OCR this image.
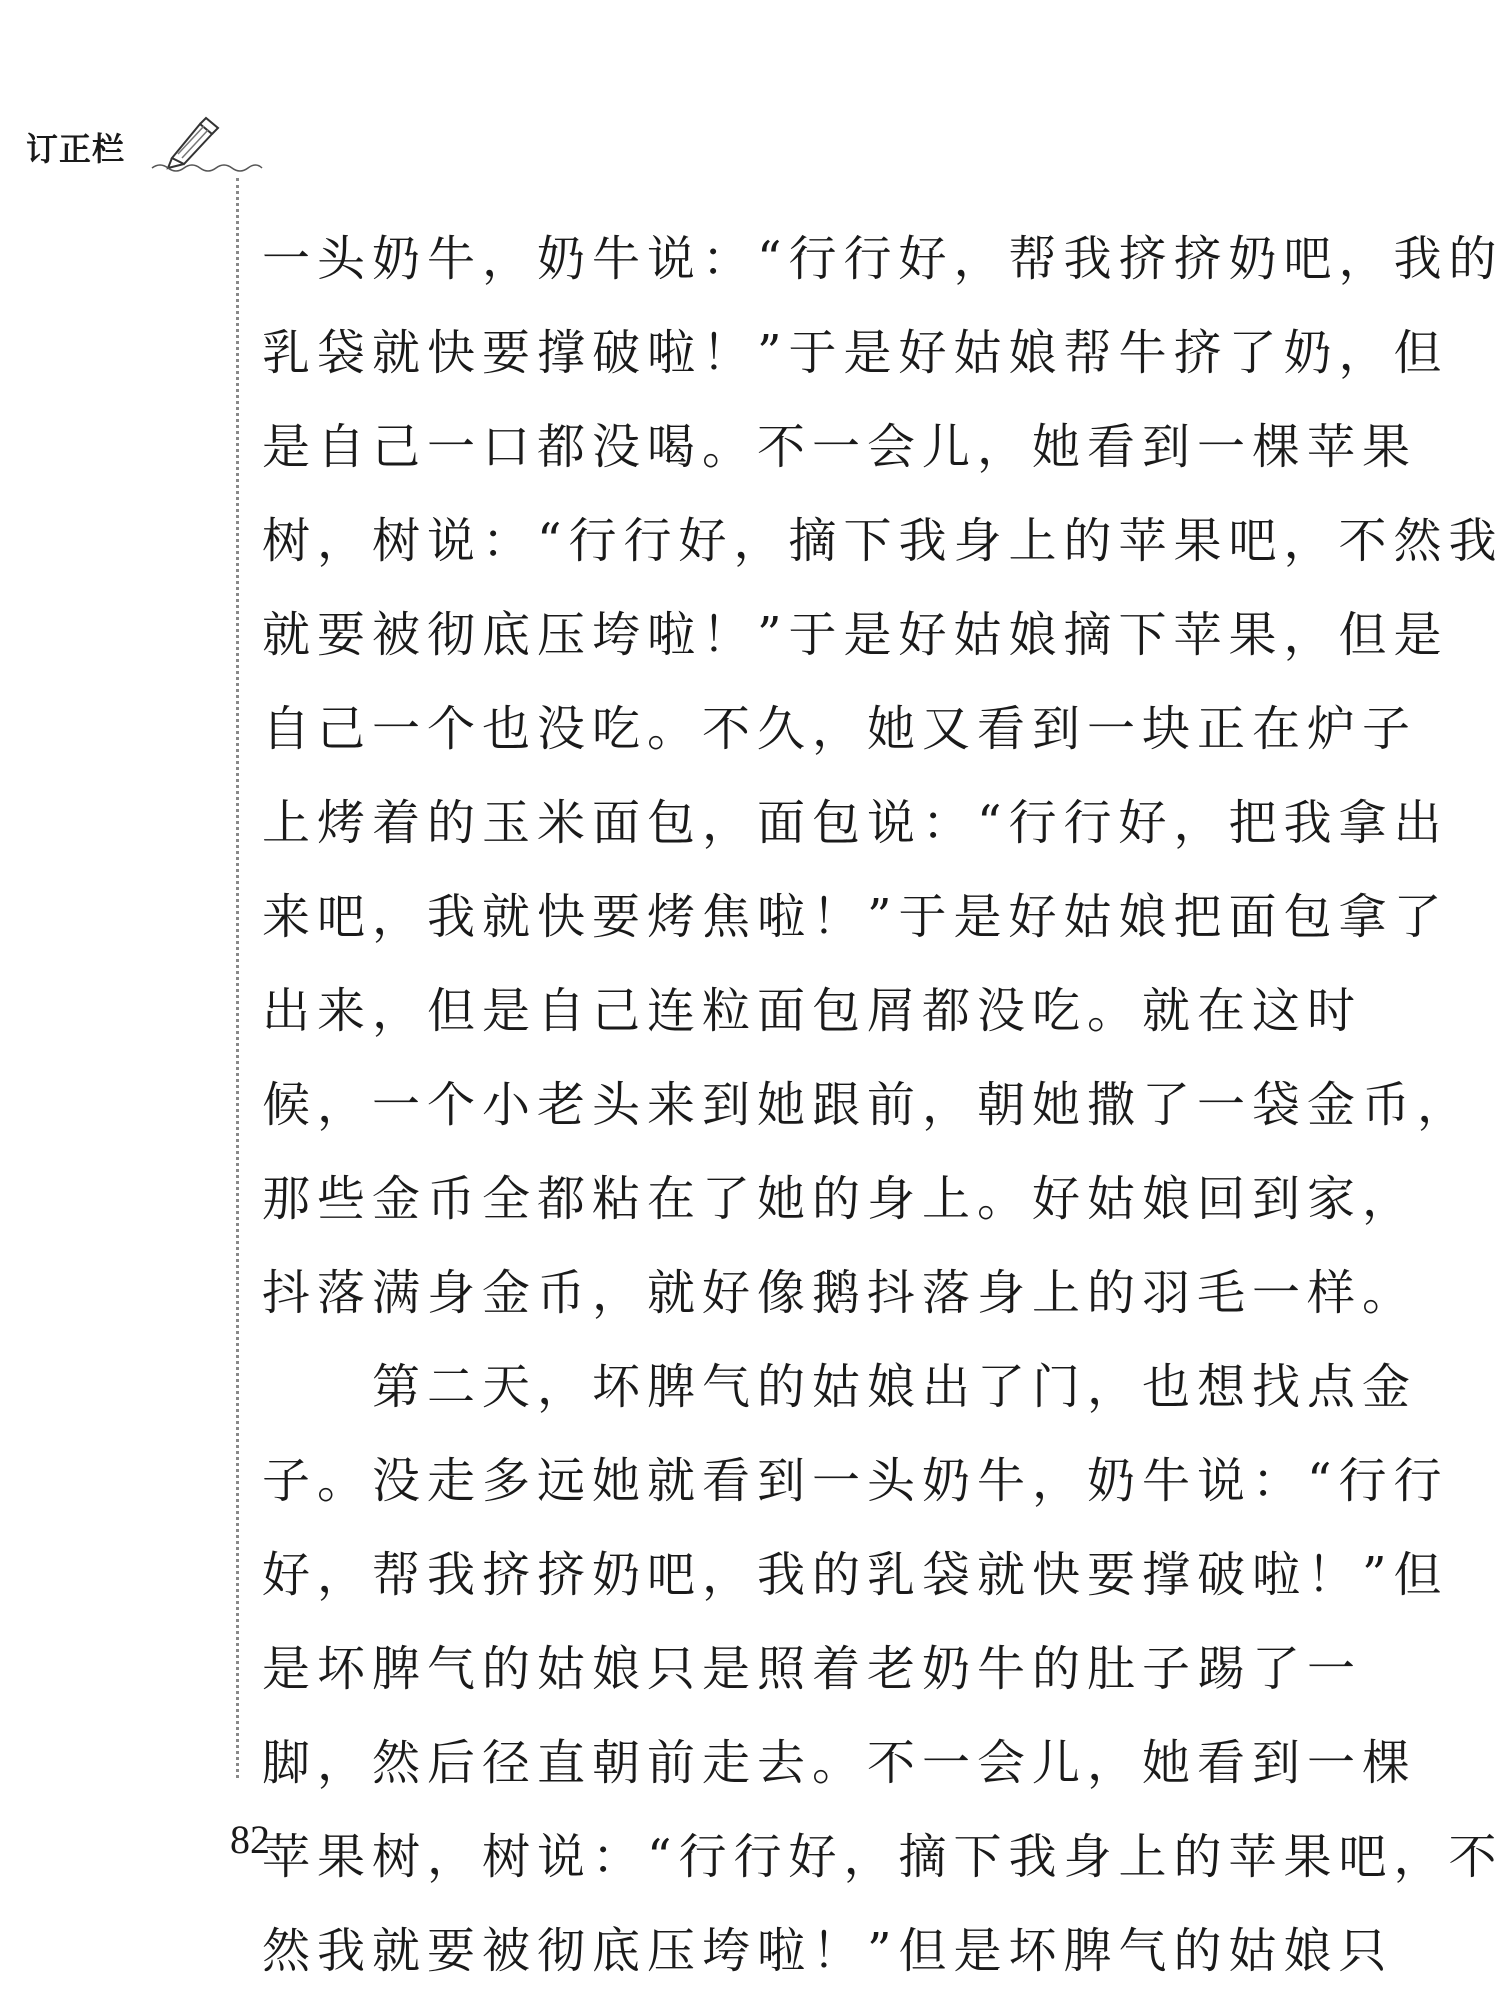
订正栏
一头奶牛，奶牛说：“行行好，帮我挤挤奶吧，我的
乳袋就快要撑破啦！”于是好姑娘帮牛挤了奶，但
是自己一口都没喝。不一会儿，她看到一棵苹果
树，树说：“行行好，摘下我身上的苹果吧，不然我
就要被彻底压垮啦！”于是好姑娘摘下苹果，但是
自己一个也没吃。不久，她又看到一块正在炉子
上烤着的玉米面包，面包说：“行行好，把我拿出
来吧，我就快要烤焦啦！”于是好姑娘把面包拿了
出来，但是自己连粒面包屑都没吃。就在这时
候，一个小老头来到她跟前，朝她撒了一袋金币，
那些金币全都粘在了她的身上。好姑娘回到家，
抖落满身金币，就好像鹅抖落身上的羽毛一样。
　　第二天，坏脾气的姑娘出了门，也想找点金
子。没走多远她就看到一头奶牛，奶牛说：“行行
好，帮我挤挤奶吧，我的乳袋就快要撑破啦！”但
是坏脾气的姑娘只是照着老奶牛的肚子踢了一
脚，然后径直朝前走去。不一会儿，她看到一棵
苹果树，树说：“行行好，摘下我身上的苹果吧，不
然我就要被彻底压垮啦！”但是坏脾气的姑娘只
82
